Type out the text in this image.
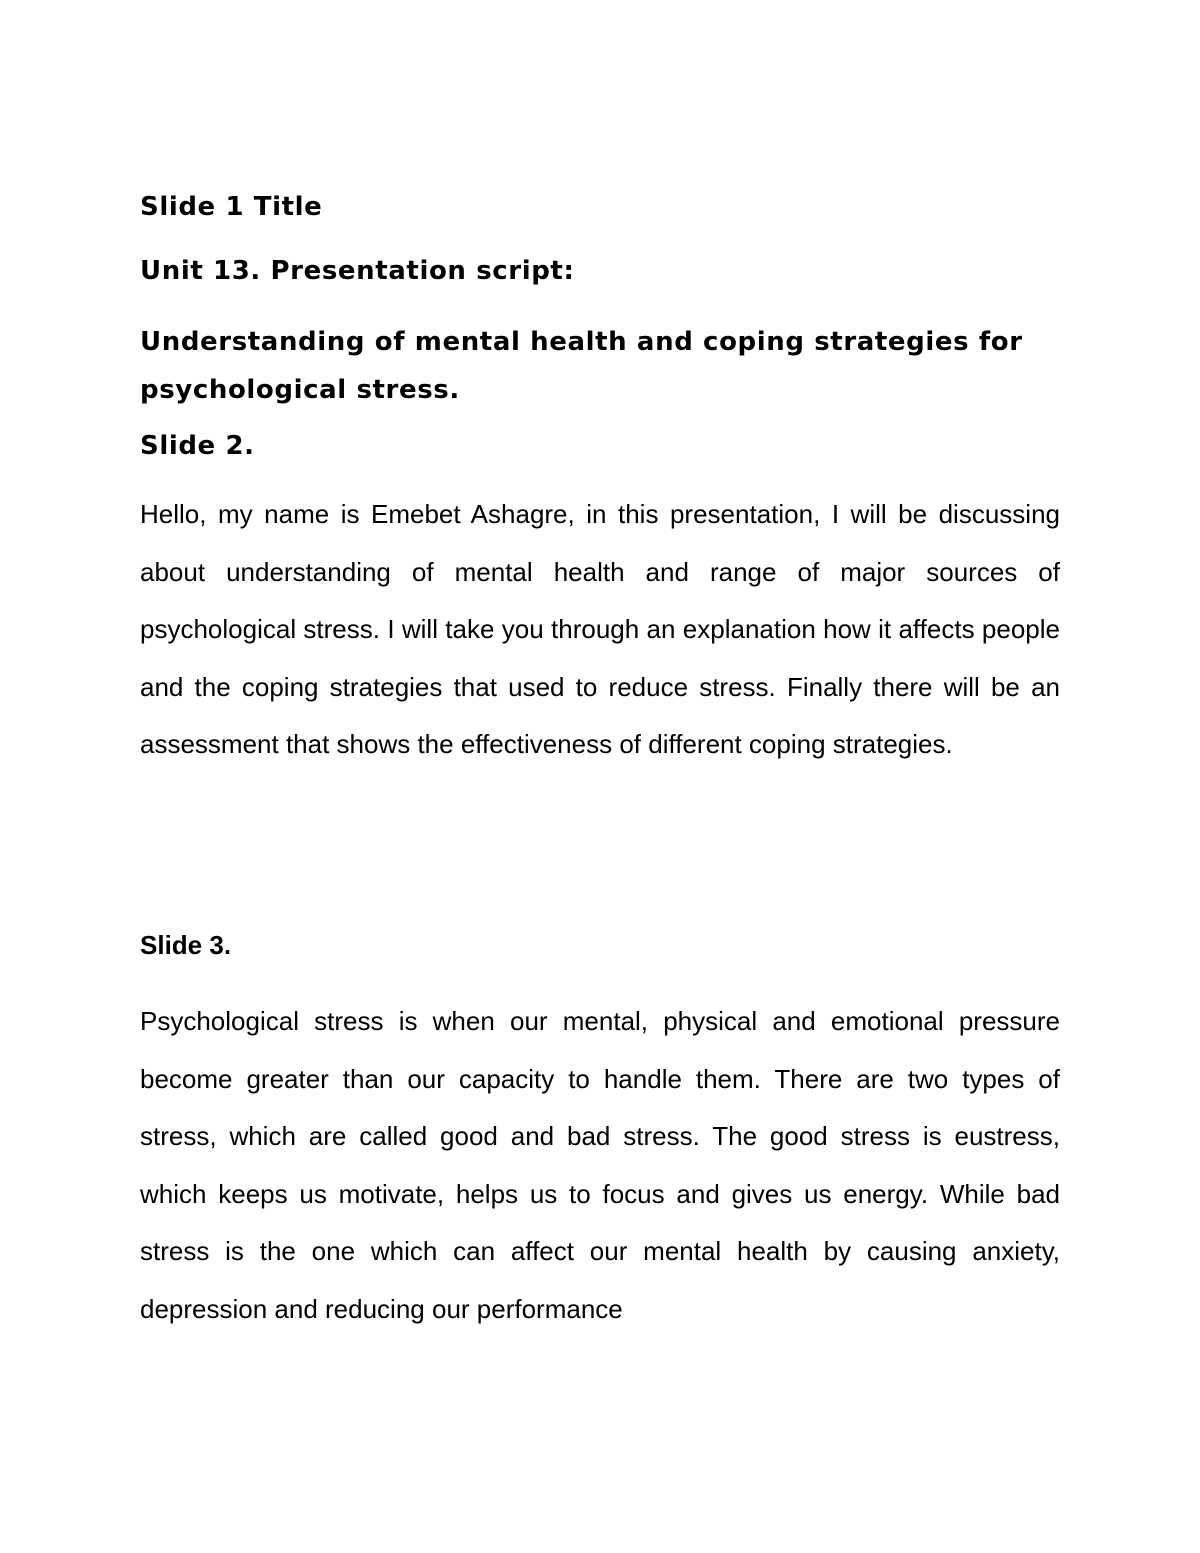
Slide 1 Title
Unit 13. Presentation script:

Understanding of mental health and coping strategies for psychological stress.

Slide 2.

Hello, my name is Emebet Ashagre, in this presentation, I will be discussing about understanding of mental health and range of major sources of psychological stress. I will take you through an explanation how it affects people and the coping strategies that used to reduce stress. Finally there will be an assessment that shows the effectiveness of different coping strategies.

Slide 3.

Psychological stress is when our mental, physical and emotional pressure become greater than our capacity to handle them. There are two types of stress, which are called good and bad stress. The good stress is eustress, which keeps us motivate, helps us to focus and gives us energy. While bad stress is the one which can affect our mental health by causing anxiety, depression and reducing our performance
